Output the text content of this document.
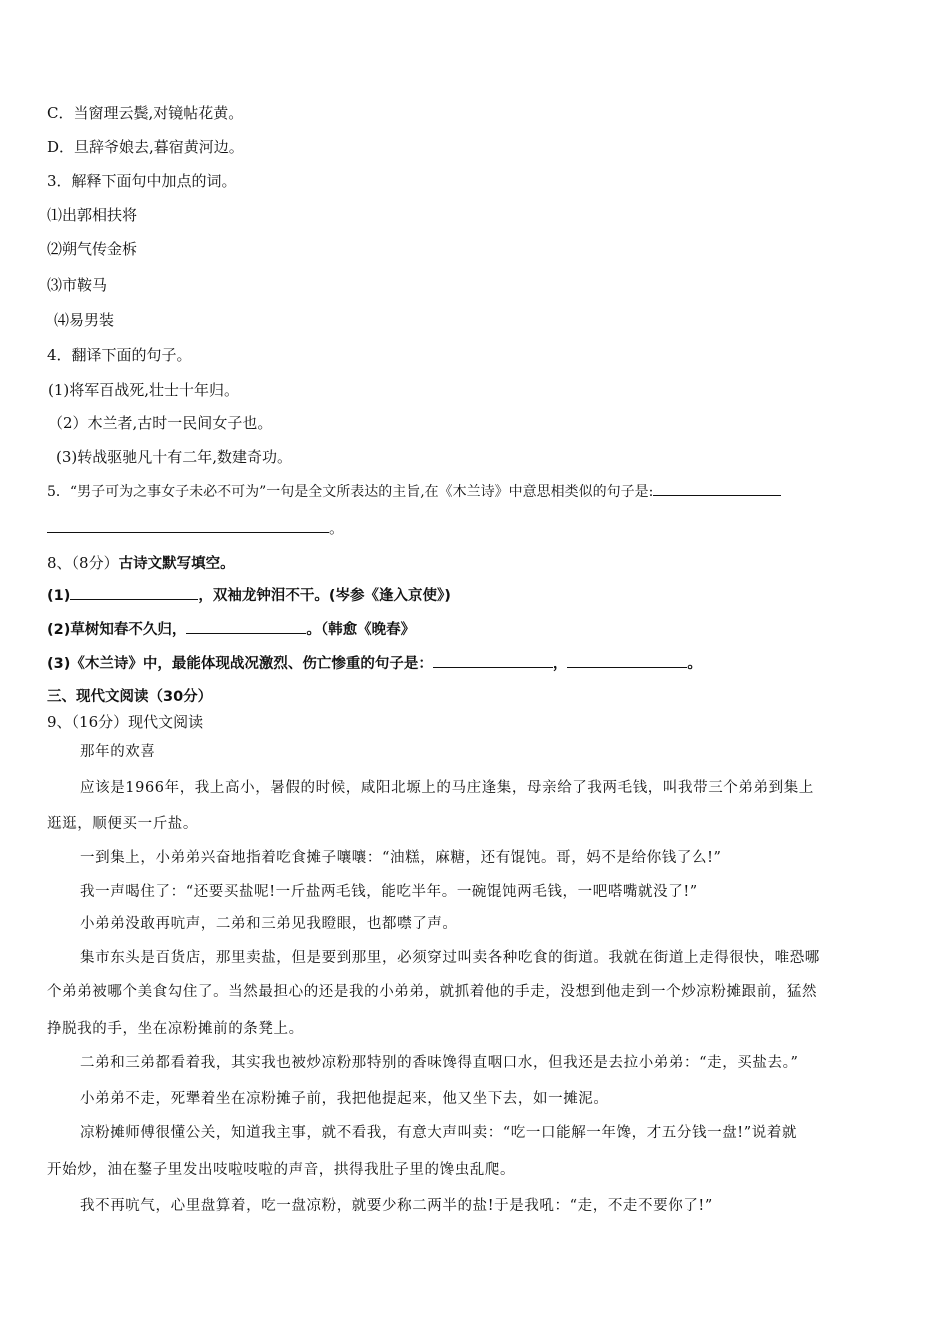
C．当窗理云鬓,对镜帖花黄。
D．旦辞爷娘去,暮宿黄河边。
3．解释下面句中加点的词。
⑴出郭相扶将
⑵朔气传金柝
⑶市鞍马
⑷易男装
4．翻译下面的句子。
(1)将军百战死,壮士十年归。
（2）木兰者,古时一民间女子也。
(3)转战驱驰凡十有二年,数建奇功。
5．“男子可为之事女子未必不可为”一句是全文所表达的主旨,在《木兰诗》中意思相类似的句子是:
。
8、（8分）古诗文默写填空。
(1)	，双袖龙钟泪不干。(岑参《逢入京使》)
(2)草树知春不久归，	。（韩愈《晚春》
(3)《木兰诗》中，最能体现战况激烈、伤亡惨重的句子是：	，	。
三、现代文阅读（30分）
9、（16分）现代文阅读
那年的欢喜
应该是1966年，我上高小，暑假的时候，咸阳北塬上的马庄逢集，母亲给了我两毛钱，叫我带三个弟弟到集上
逛逛，顺便买一斤盐。
一到集上，小弟弟兴奋地指着吃食摊子嚷嚷：“油糕，麻糖，还有馄饨。哥，妈不是给你钱了么!”
我一声喝住了：“还要买盐呢!一斤盐两毛钱，能吃半年。一碗馄饨两毛钱，一吧嗒嘴就没了!”
小弟弟没敢再吭声，二弟和三弟见我瞪眼，也都噤了声。
集市东头是百货店，那里卖盐，但是要到那里，必须穿过叫卖各种吃食的街道。我就在街道上走得很快，唯恐哪
个弟弟被哪个美食勾住了。当然最担心的还是我的小弟弟，就抓着他的手走，没想到他走到一个炒凉粉摊跟前，猛然
挣脱我的手，坐在凉粉摊前的条凳上。
二弟和三弟都看着我，其实我也被炒凉粉那特别的香味馋得直咽口水，但我还是去拉小弟弟：“走，买盐去。”
小弟弟不走，死犟着坐在凉粉摊子前，我把他提起来，他又坐下去，如一摊泥。
凉粉摊师傅很懂公关，知道我主事，就不看我，有意大声叫卖：“吃一口能解一年馋，才五分钱一盘!”说着就
开始炒，油在鏊子里发出吱啦吱啦的声音，拱得我肚子里的馋虫乱爬。
我不再吭气，心里盘算着，吃一盘凉粉，就要少称二两半的盐!于是我吼：“走，不走不要你了!”
